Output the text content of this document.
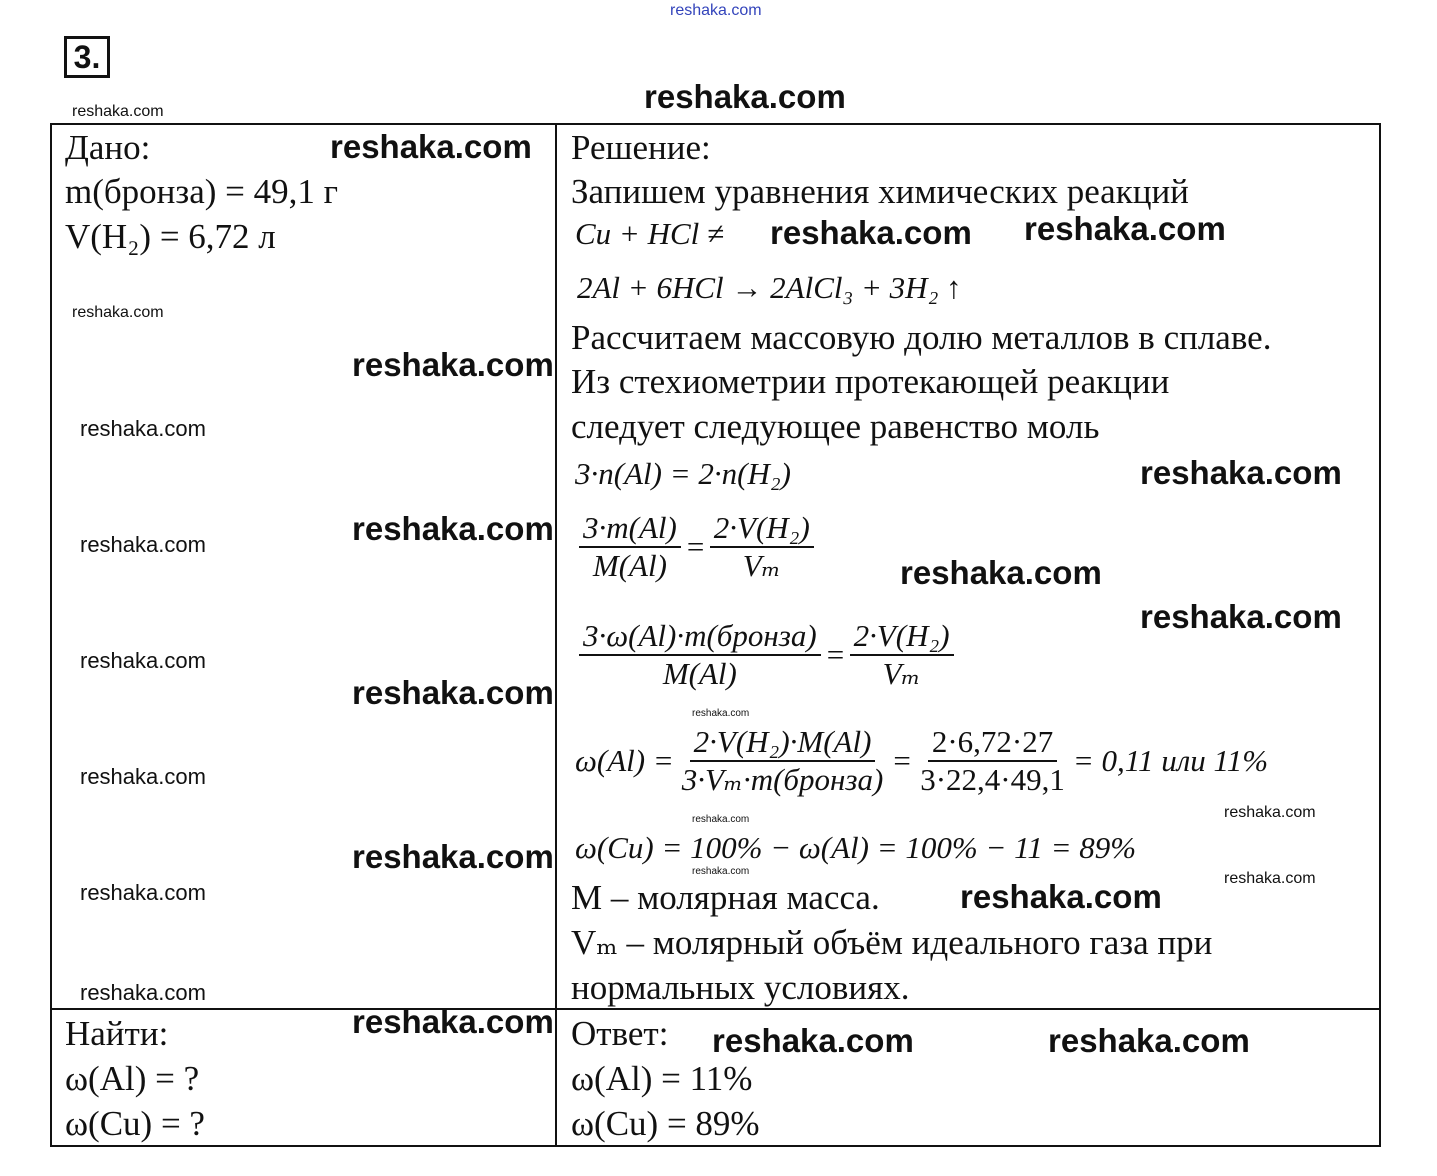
3.
Дано:
m(бронза) = 49,1 г
V(H₂) = 6,72 л
Найти:
ω(Al) = ?
ω(Cu) = ?
Решение:
Запишем уравнения химических реакций
Cu + HCl ≠
2Al + 6HCl → 2AlCl₃ + 3H₂ ↑
Рассчитаем массовую долю металлов в сплаве.
Из стехиометрии протекающей реакции
следует следующее равенство моль
3·n(Al) = 2·n(H₂)
$\frac{3\cdot m(Al)}{M(Al)} = \frac{\text{2·V(H₂)}}{\text{Vₘ}}$
$\frac{\text{3·ω(Al)·m(бронза)}}{M(Al)} = \frac{\text{2·V(H₂)}}{\text{Vₘ}}$
$\omega(Al) = \frac{\text{2·V(H₂)·M(Al)}}{\text{3·Vₘ·m(бронза)}} = \frac{2\cdot 6,72\cdot 27}{3\cdot 22,4\cdot 49,1} = 0,11$ или 11%
ω(Cu) = 100% − ω(Al) = 100% − 11 = 89%
M – молярная масса.
Vₘ – молярный объём идеального газа при
нормальных условиях.
Ответ:
ω(Al) = 11%
ω(Cu) = 89%
reshaka.com
reshaka.com
reshaka.com
reshaka.com
reshaka.com
reshaka.com
reshaka.com
reshaka.com
reshaka.com
reshaka.com
reshaka.com
reshaka.com
reshaka.com
reshaka.com
reshaka.com
reshaka.com
reshaka.com
reshaka.com
reshaka.com
reshaka.com
reshaka.com
reshaka.com
reshaka.com
reshaka.com
reshaka.com
reshaka.com
reshaka.com
reshaka.com	reshaka.com
